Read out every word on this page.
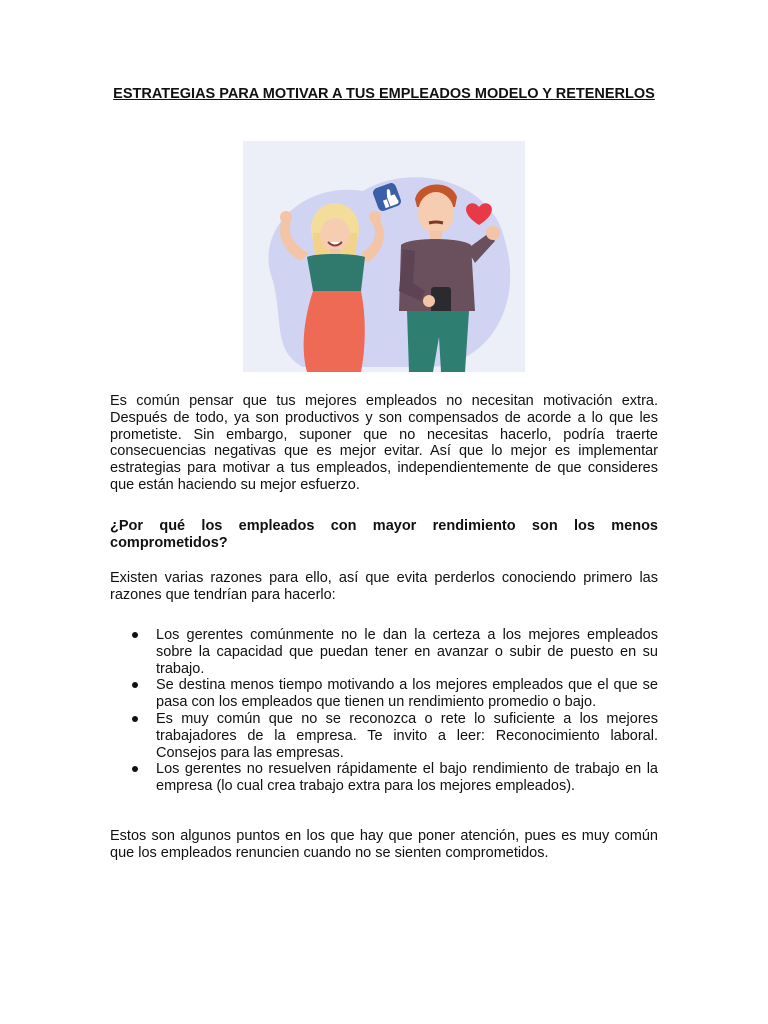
ESTRATEGIAS PARA MOTIVAR A TUS EMPLEADOS MODELO Y RETENERLOS

Es común pensar que tus mejores empleados no necesitan motivación extra. Después de todo, ya son productivos y son compensados de acorde a lo que les prometiste. Sin embargo, suponer que no necesitas hacerlo, podría traerte consecuencias negativas que es mejor evitar. Así que lo mejor es implementar estrategias para motivar a tus empleados, independientemente de que consideres que están haciendo su mejor esfuerzo.

¿Por qué los empleados con mayor rendimiento son los menos comprometidos?

Existen varias razones para ello, así que evita perderlos conociendo primero las razones que tendrían para hacerlo:

Los gerentes comúnmente no le dan la certeza a los mejores empleados sobre la capacidad que puedan tener en avanzar o subir de puesto en su trabajo.
Se destina menos tiempo motivando a los mejores empleados que el que se pasa con los empleados que tienen un rendimiento promedio o bajo.
Es muy común que no se reconozca o rete lo suficiente a los mejores trabajadores de la empresa. Te invito a leer: Reconocimiento laboral. Consejos para las empresas.
Los gerentes no resuelven rápidamente el bajo rendimiento de trabajo en la empresa (lo cual crea trabajo extra para los mejores empleados).

Estos son algunos puntos en los que hay que poner atención, pues es muy común que los empleados renuncien cuando no se sienten comprometidos.
